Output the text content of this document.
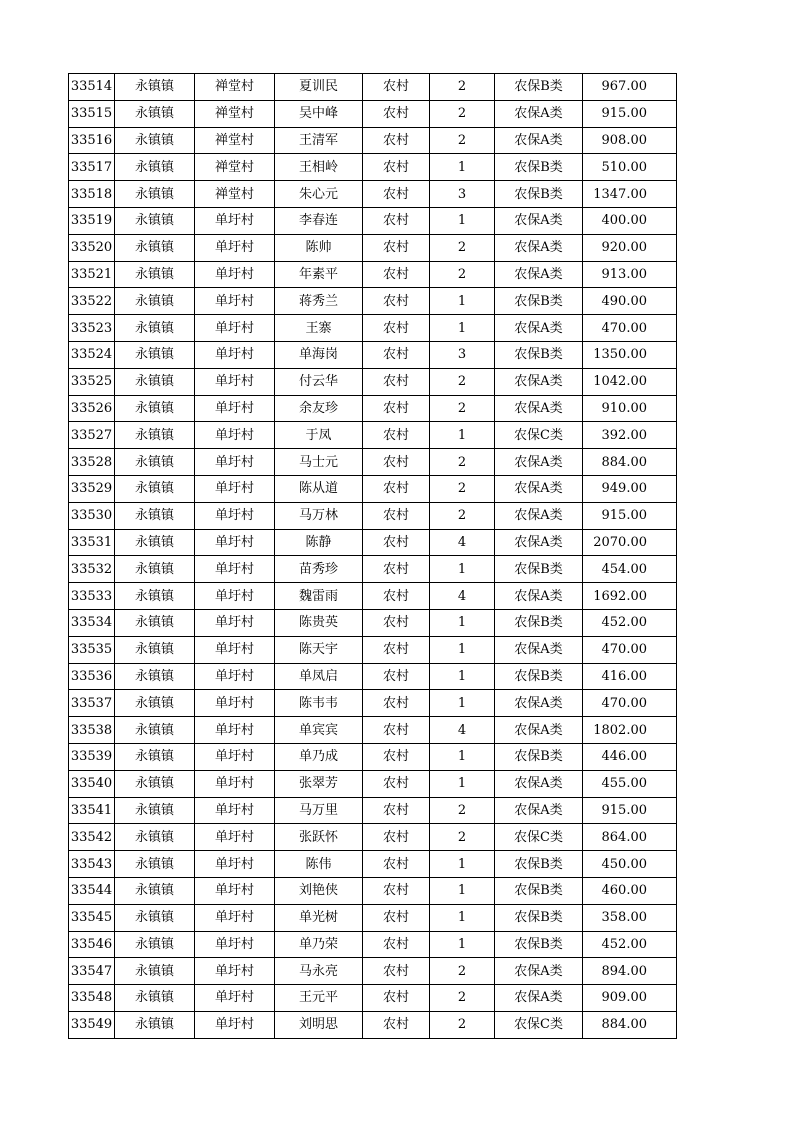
33514	永镇镇	禅堂村	夏训民	农村	2	农保B类	967.00
33515	永镇镇	禅堂村	吴中峰	农村	2	农保A类	915.00
33516	永镇镇	禅堂村	王清军	农村	2	农保A类	908.00
33517	永镇镇	禅堂村	王相岭	农村	1	农保B类	510.00
33518	永镇镇	禅堂村	朱心元	农村	3	农保B类	1347.00
33519	永镇镇	单圩村	李春连	农村	1	农保A类	400.00
33520	永镇镇	单圩村	陈帅	农村	2	农保A类	920.00
33521	永镇镇	单圩村	年素平	农村	2	农保A类	913.00
33522	永镇镇	单圩村	蒋秀兰	农村	1	农保B类	490.00
33523	永镇镇	单圩村	王寨	农村	1	农保A类	470.00
33524	永镇镇	单圩村	单海岗	农村	3	农保B类	1350.00
33525	永镇镇	单圩村	付云华	农村	2	农保A类	1042.00
33526	永镇镇	单圩村	余友珍	农村	2	农保A类	910.00
33527	永镇镇	单圩村	于凤	农村	1	农保C类	392.00
33528	永镇镇	单圩村	马士元	农村	2	农保A类	884.00
33529	永镇镇	单圩村	陈从道	农村	2	农保A类	949.00
33530	永镇镇	单圩村	马万林	农村	2	农保A类	915.00
33531	永镇镇	单圩村	陈静	农村	4	农保A类	2070.00
33532	永镇镇	单圩村	苗秀珍	农村	1	农保B类	454.00
33533	永镇镇	单圩村	魏雷雨	农村	4	农保A类	1692.00
33534	永镇镇	单圩村	陈贵英	农村	1	农保B类	452.00
33535	永镇镇	单圩村	陈天宇	农村	1	农保A类	470.00
33536	永镇镇	单圩村	单凤启	农村	1	农保B类	416.00
33537	永镇镇	单圩村	陈韦韦	农村	1	农保A类	470.00
33538	永镇镇	单圩村	单宾宾	农村	4	农保A类	1802.00
33539	永镇镇	单圩村	单乃成	农村	1	农保B类	446.00
33540	永镇镇	单圩村	张翠芳	农村	1	农保A类	455.00
33541	永镇镇	单圩村	马万里	农村	2	农保A类	915.00
33542	永镇镇	单圩村	张跃怀	农村	2	农保C类	864.00
33543	永镇镇	单圩村	陈伟	农村	1	农保B类	450.00
33544	永镇镇	单圩村	刘艳侠	农村	1	农保B类	460.00
33545	永镇镇	单圩村	单光树	农村	1	农保B类	358.00
33546	永镇镇	单圩村	单乃荣	农村	1	农保B类	452.00
33547	永镇镇	单圩村	马永亮	农村	2	农保A类	894.00
33548	永镇镇	单圩村	王元平	农村	2	农保A类	909.00
33549	永镇镇	单圩村	刘明思	农村	2	农保C类	884.00
